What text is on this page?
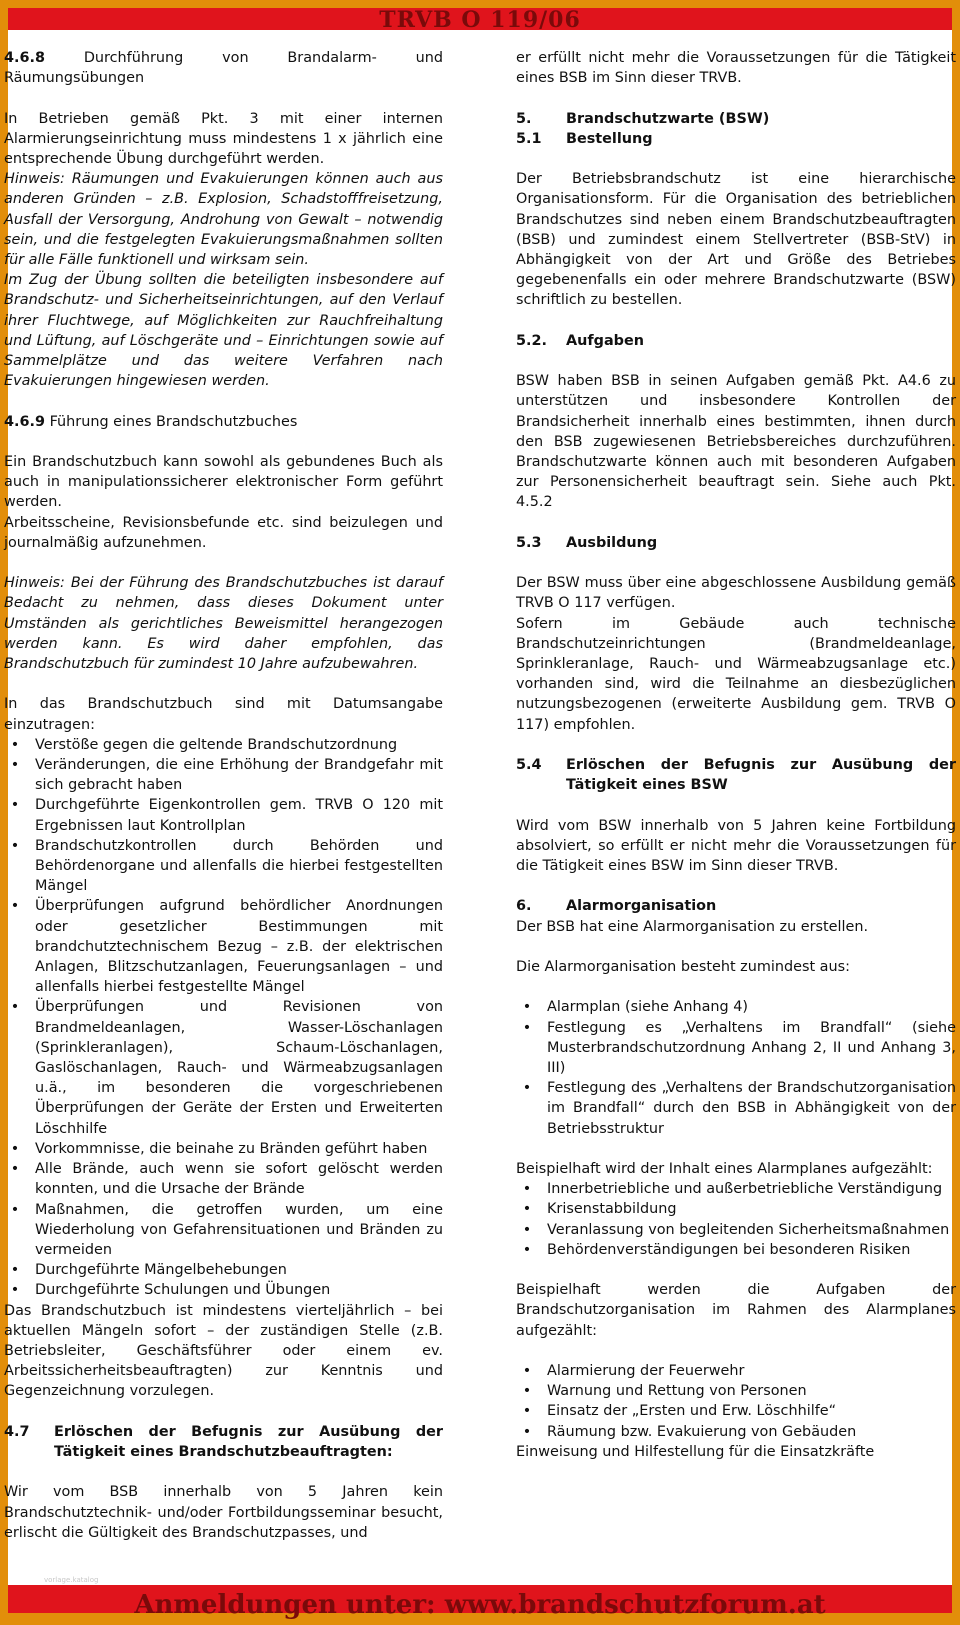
TRVB O 119/06

4.6.8	Durchführung von Brandalarm- und Räumungsübungen

In Betrieben gemäß Pkt. 3 mit einer internen Alarmierungseinrichtung muss mindestens 1 x jährlich eine entsprechende Übung durchgeführt werden.

Hinweis: Räumungen und Evakuierungen können auch aus anderen Gründen – z.B. Explosion, Schadstofffreisetzung, Ausfall der Versorgung, Androhung von Gewalt – notwendig sein, und die festgelegten Evakuierungsmaßnahmen sollten für alle Fälle funktionell und wirksam sein.

Im Zug der Übung sollten die beteiligten insbesondere auf Brandschutz- und Sicherheitseinrichtungen, auf den Verlauf ihrer Fluchtwege, auf Möglichkeiten zur Rauchfreihaltung und Lüftung, auf Löschgeräte und – Einrichtungen sowie auf Sammelplätze und das weitere Verfahren nach Evakuierungen hingewiesen werden.

4.6.9 Führung eines Brandschutzbuches

Ein Brandschutzbuch kann sowohl als gebundenes Buch als auch in manipulationssicherer elektronischer Form geführt werden.

Arbeitsscheine, Revisionsbefunde etc. sind beizulegen und journalmäßig aufzunehmen.

Hinweis: Bei der Führung des Brandschutzbuches ist darauf Bedacht zu nehmen, dass dieses Dokument unter Umständen als gerichtliches Beweismittel herangezogen werden kann. Es wird daher empfohlen, das Brandschutzbuch für zumindest 10 Jahre aufzubewahren.

In das Brandschutzbuch sind mit Datumsangabe einzutragen:

•	Verstöße gegen die geltende Brandschutzordnung
•	Veränderungen, die eine Erhöhung der Brandgefahr mit sich gebracht haben
•	Durchgeführte Eigenkontrollen gem. TRVB O 120 mit Ergebnissen laut Kontrollplan
•	Brandschutzkontrollen durch Behörden und Behördenorgane und allenfalls die hierbei festgestellten Mängel
•	Überprüfungen aufgrund behördlicher Anordnungen oder gesetzlicher Bestimmungen mit brandchutztechnischem Bezug – z.B. der elektrischen Anlagen, Blitzschutzanlagen, Feuerungsanlagen – und allenfalls hierbei festgestellte Mängel
•	Überprüfungen und Revisionen von Brandmeldeanlagen, Wasser-Löschanlagen (Sprinkleranlagen), Schaum-Löschanlagen, Gaslöschanlagen, Rauch- und Wärmeabzugsanlagen u.ä., im besonderen die vorgeschriebenen Überprüfungen der Geräte der Ersten und Erweiterten Löschhilfe
•	Vorkommnisse, die beinahe zu Bränden geführt haben
•	Alle Brände, auch wenn sie sofort gelöscht werden konnten, und die Ursache der Brände
•	Maßnahmen, die getroffen wurden, um eine Wiederholung von Gefahrensituationen und Bränden zu vermeiden
•	Durchgeführte Mängelbehebungen
•	Durchgeführte Schulungen und Übungen

Das Brandschutzbuch ist mindestens vierteljährlich – bei aktuellen Mängeln sofort – der zuständigen Stelle (z.B. Betriebsleiter, Geschäftsführer oder einem ev. Arbeitssicherheitsbeauftragten) zur Kenntnis und Gegenzeichnung vorzulegen.

4.7	Erlöschen der Befugnis zur Ausübung der Tätigkeit eines Brandschutzbeauftragten:

Wir vom BSB innerhalb von 5 Jahren kein Brandschutztechnik- und/oder Fortbildungsseminar besucht, erlischt die Gültigkeit des Brandschutzpasses, und

er erfüllt nicht mehr die Voraussetzungen für die Tätigkeit eines BSB im Sinn dieser TRVB.

5. Brandschutzwarte (BSW)

5.1 Bestellung

Der Betriebsbrandschutz ist eine hierarchische Organisationsform. Für die Organisation des betrieblichen Brandschutzes sind neben einem Brandschutzbeauftragten (BSB) und zumindest einem Stellvertreter (BSB-StV) in Abhängigkeit von der Art und Größe des Betriebes gegebenenfalls ein oder mehrere Brandschutzwarte (BSW) schriftlich zu bestellen.

5.2. Aufgaben

BSW haben BSB in seinen Aufgaben gemäß Pkt. A4.6 zu unterstützen und insbesondere Kontrollen der Brandsicherheit innerhalb eines bestimmten, ihnen durch den BSB zugewiesenen Betriebsbereiches durchzuführen. Brandschutzwarte können auch mit besonderen Aufgaben zur Personensicherheit beauftragt sein. Siehe auch Pkt. 4.5.2

5.3 Ausbildung

Der BSW muss über eine abgeschlossene Ausbildung gemäß TRVB O 117 verfügen.

Sofern im Gebäude auch technische Brandschutzeinrichtungen (Brandmeldeanlage, Sprinkleranlage, Rauch- und Wärmeabzugsanlage etc.) vorhanden sind, wird die Teilnahme an diesbezüglichen nutzungsbezogenen (erweiterte Ausbildung gem. TRVB O 117) empfohlen.

5.4	Erlöschen der Befugnis zur Ausübung der Tätigkeit eines BSW

Wird vom BSW innerhalb von 5 Jahren keine Fortbildung absolviert, so erfüllt er nicht mehr die Voraussetzungen für die Tätigkeit eines BSW im Sinn dieser TRVB.

6. Alarmorganisation

Der BSB hat eine Alarmorganisation zu erstellen.

Die Alarmorganisation besteht zumindest aus:

•	Alarmplan (siehe Anhang 4)
•	Festlegung es „Verhaltens im Brandfall“ (siehe Musterbrandschutzordnung Anhang 2, II und Anhang 3, III)
•	Festlegung des „Verhaltens der Brandschutzorganisation im Brandfall“ durch den BSB in Abhängigkeit von der Betriebsstruktur

Beispielhaft wird der Inhalt eines Alarmplanes aufgezählt:

•	Innerbetriebliche und außerbetriebliche Verständigung
•	Krisenstabbildung
•	Veranlassung von begleitenden Sicherheitsmaßnahmen
•	Behördenverständigungen bei besonderen Risiken

Beispielhaft werden die Aufgaben der Brandschutzorganisation im Rahmen des Alarmplanes aufgezählt:

•	Alarmierung der Feuerwehr
•	Warnung und Rettung von Personen
•	Einsatz der „Ersten und Erw. Löschhilfe“
•	Räumung bzw. Evakuierung von Gebäuden

Einweisung und Hilfestellung für die Einsatzkräfte

vorlage.katalog
Anmeldungen unter: www.brandschutzforum.at
